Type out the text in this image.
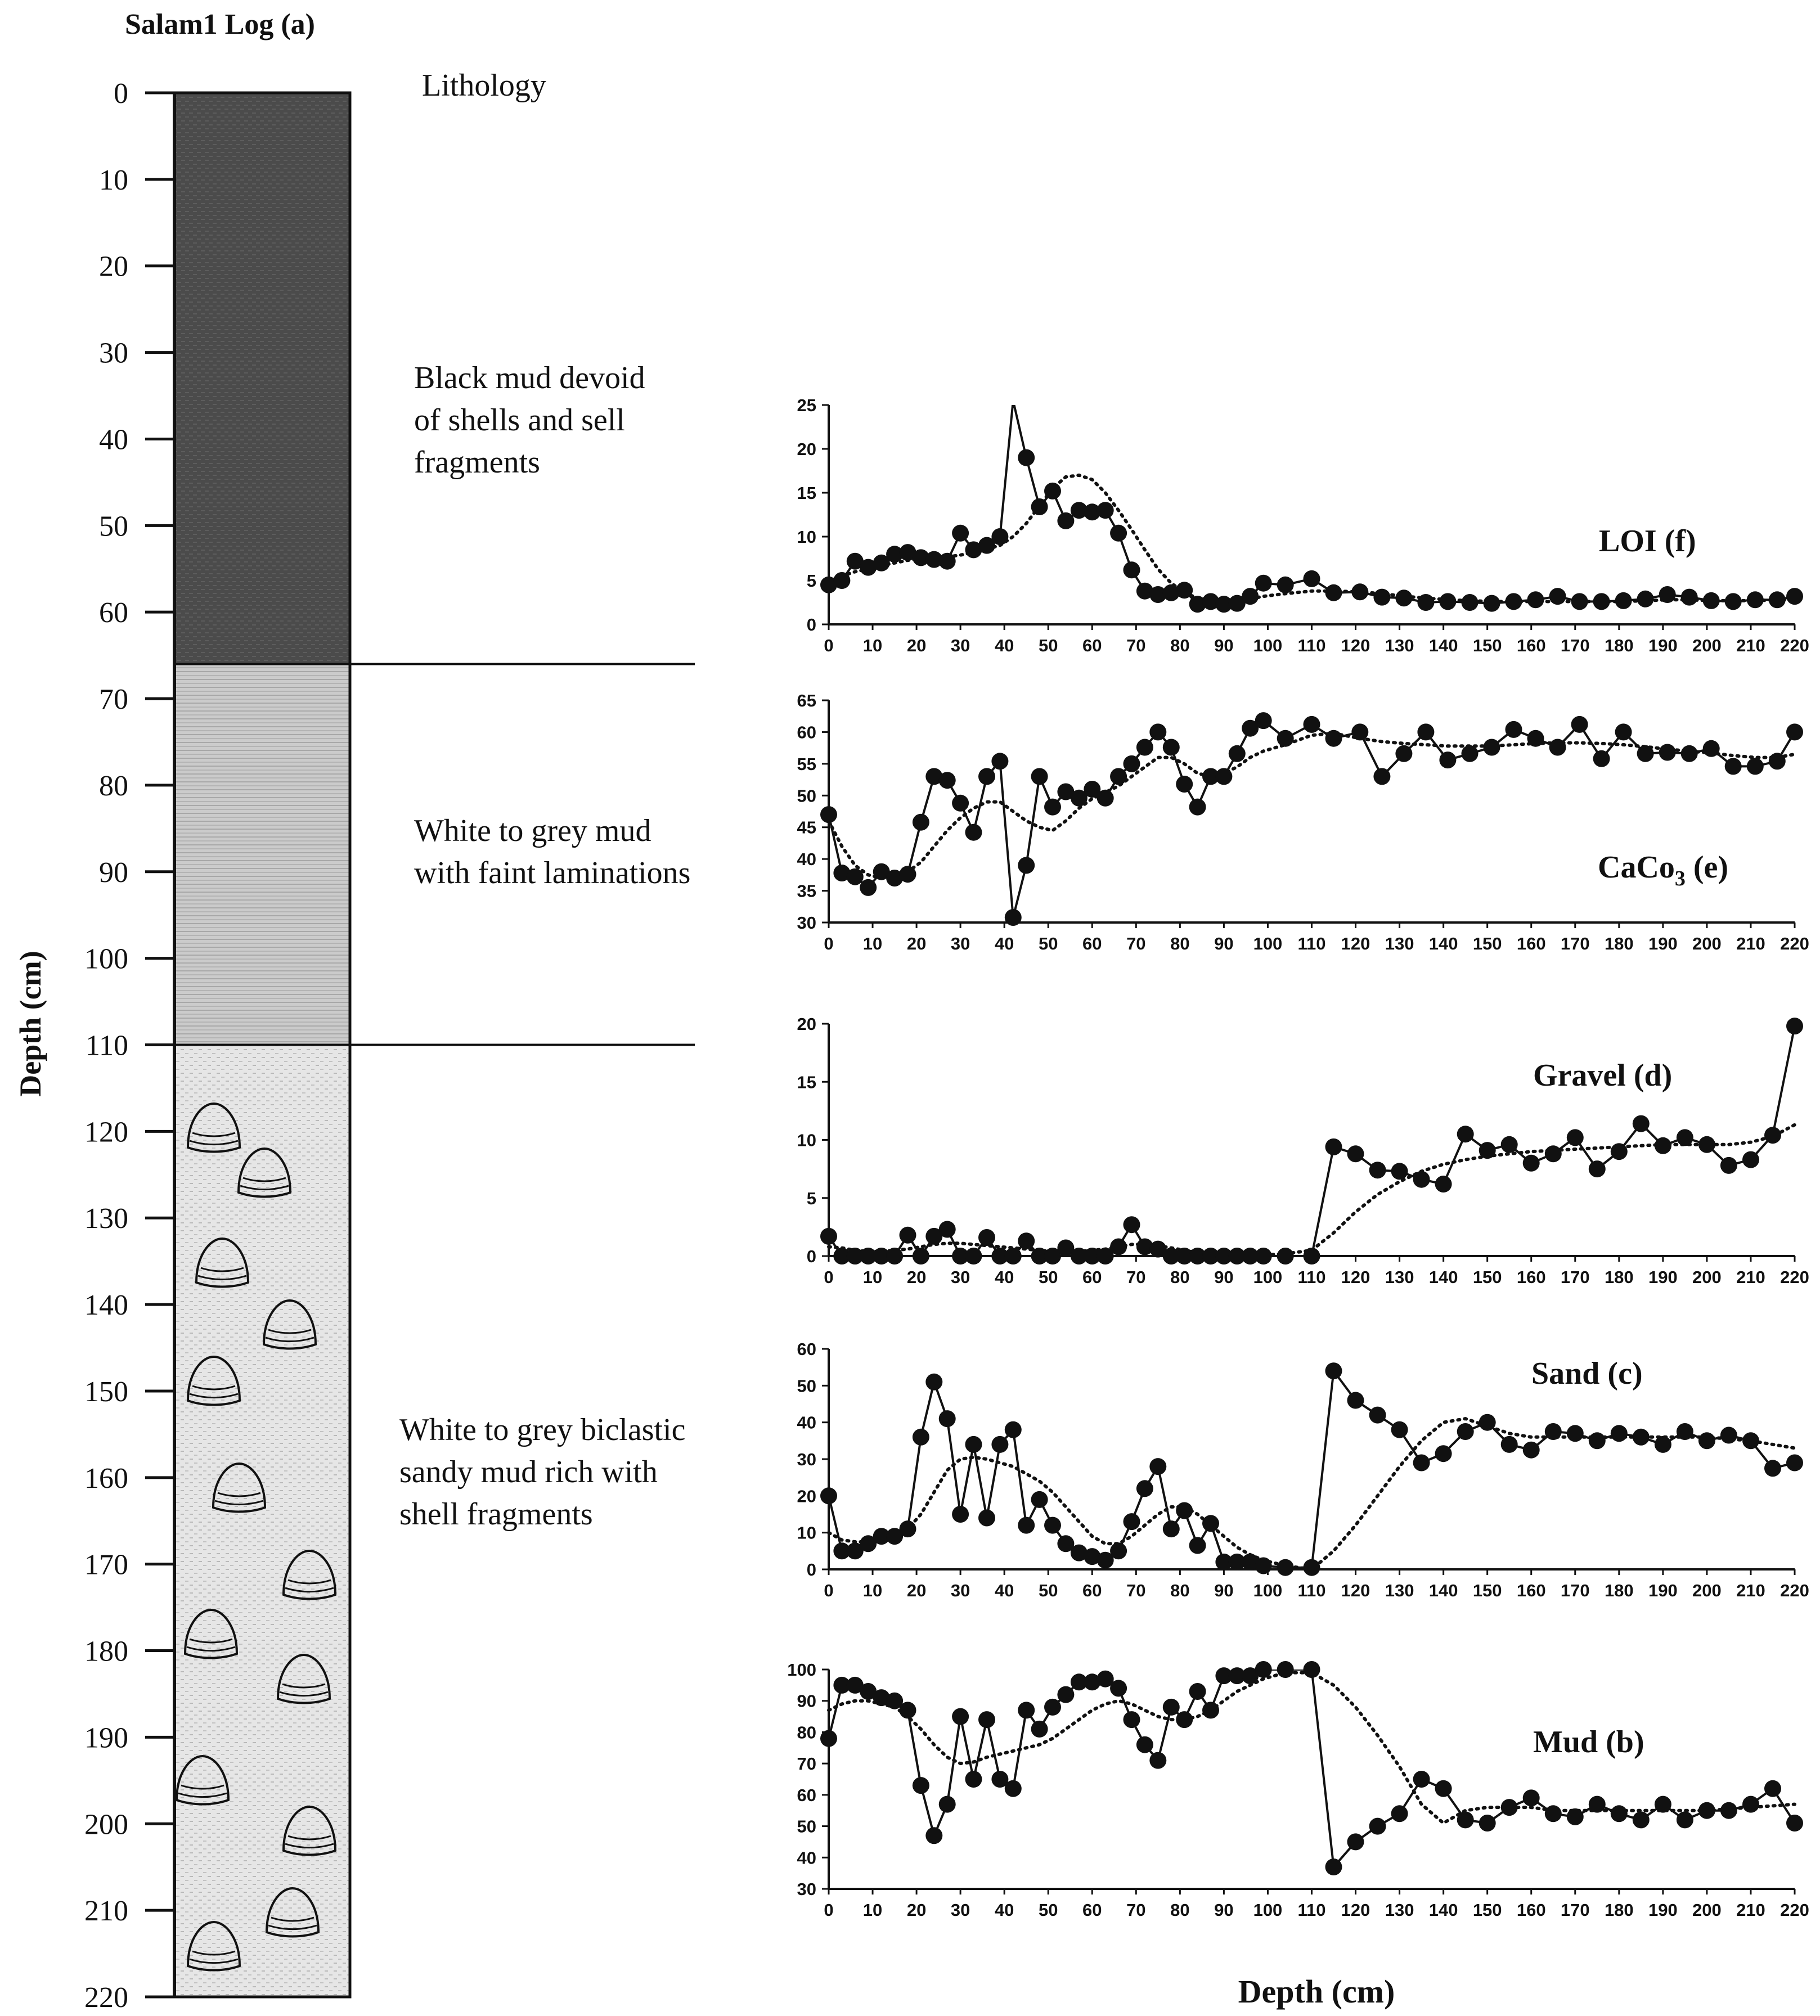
Salam1 Log (a)
Lithology
Depth (cm)
Depth (cm)
Black mud devoid
of shells and sell
fragments
White to grey mud
with faint laminations
White to grey biclastic
sandy mud rich with
shell fragments
0
10
20
30
40
50
60
70
80
90
100
110
120
130
140
150
160
170
180
190
200
210
220
0
5
10
15
20
25
0 10 20 30 40 50 60 70 80 90 100 110 120 130 140 150 160 170 180 190 200 210 220
LOI (f)
30
35
40
45
50
55
60
65
0 10 20 30 40 50 60 70 80 90 100 110 120 130 140 150 160 170 180 190 200 210 220
CaCo$_3$ (e)
0
5
10
15
20
0 10 20 30 40 50 60 70 80 90 100 110 120 130 140 150 160 170 180 190 200 210 220
Gravel (d)
0
10
20
30
40
50
60
0 10 20 30 40 50 60 70 80 90 100 110 120 130 140 150 160 170 180 190 200 210 220
Sand (c)
30
40
50
60
70
80
90
100
0 10 20 30 40 50 60 70 80 90 100 110 120 130 140 150 160 170 180 190 200 210 220
Mud (b)
